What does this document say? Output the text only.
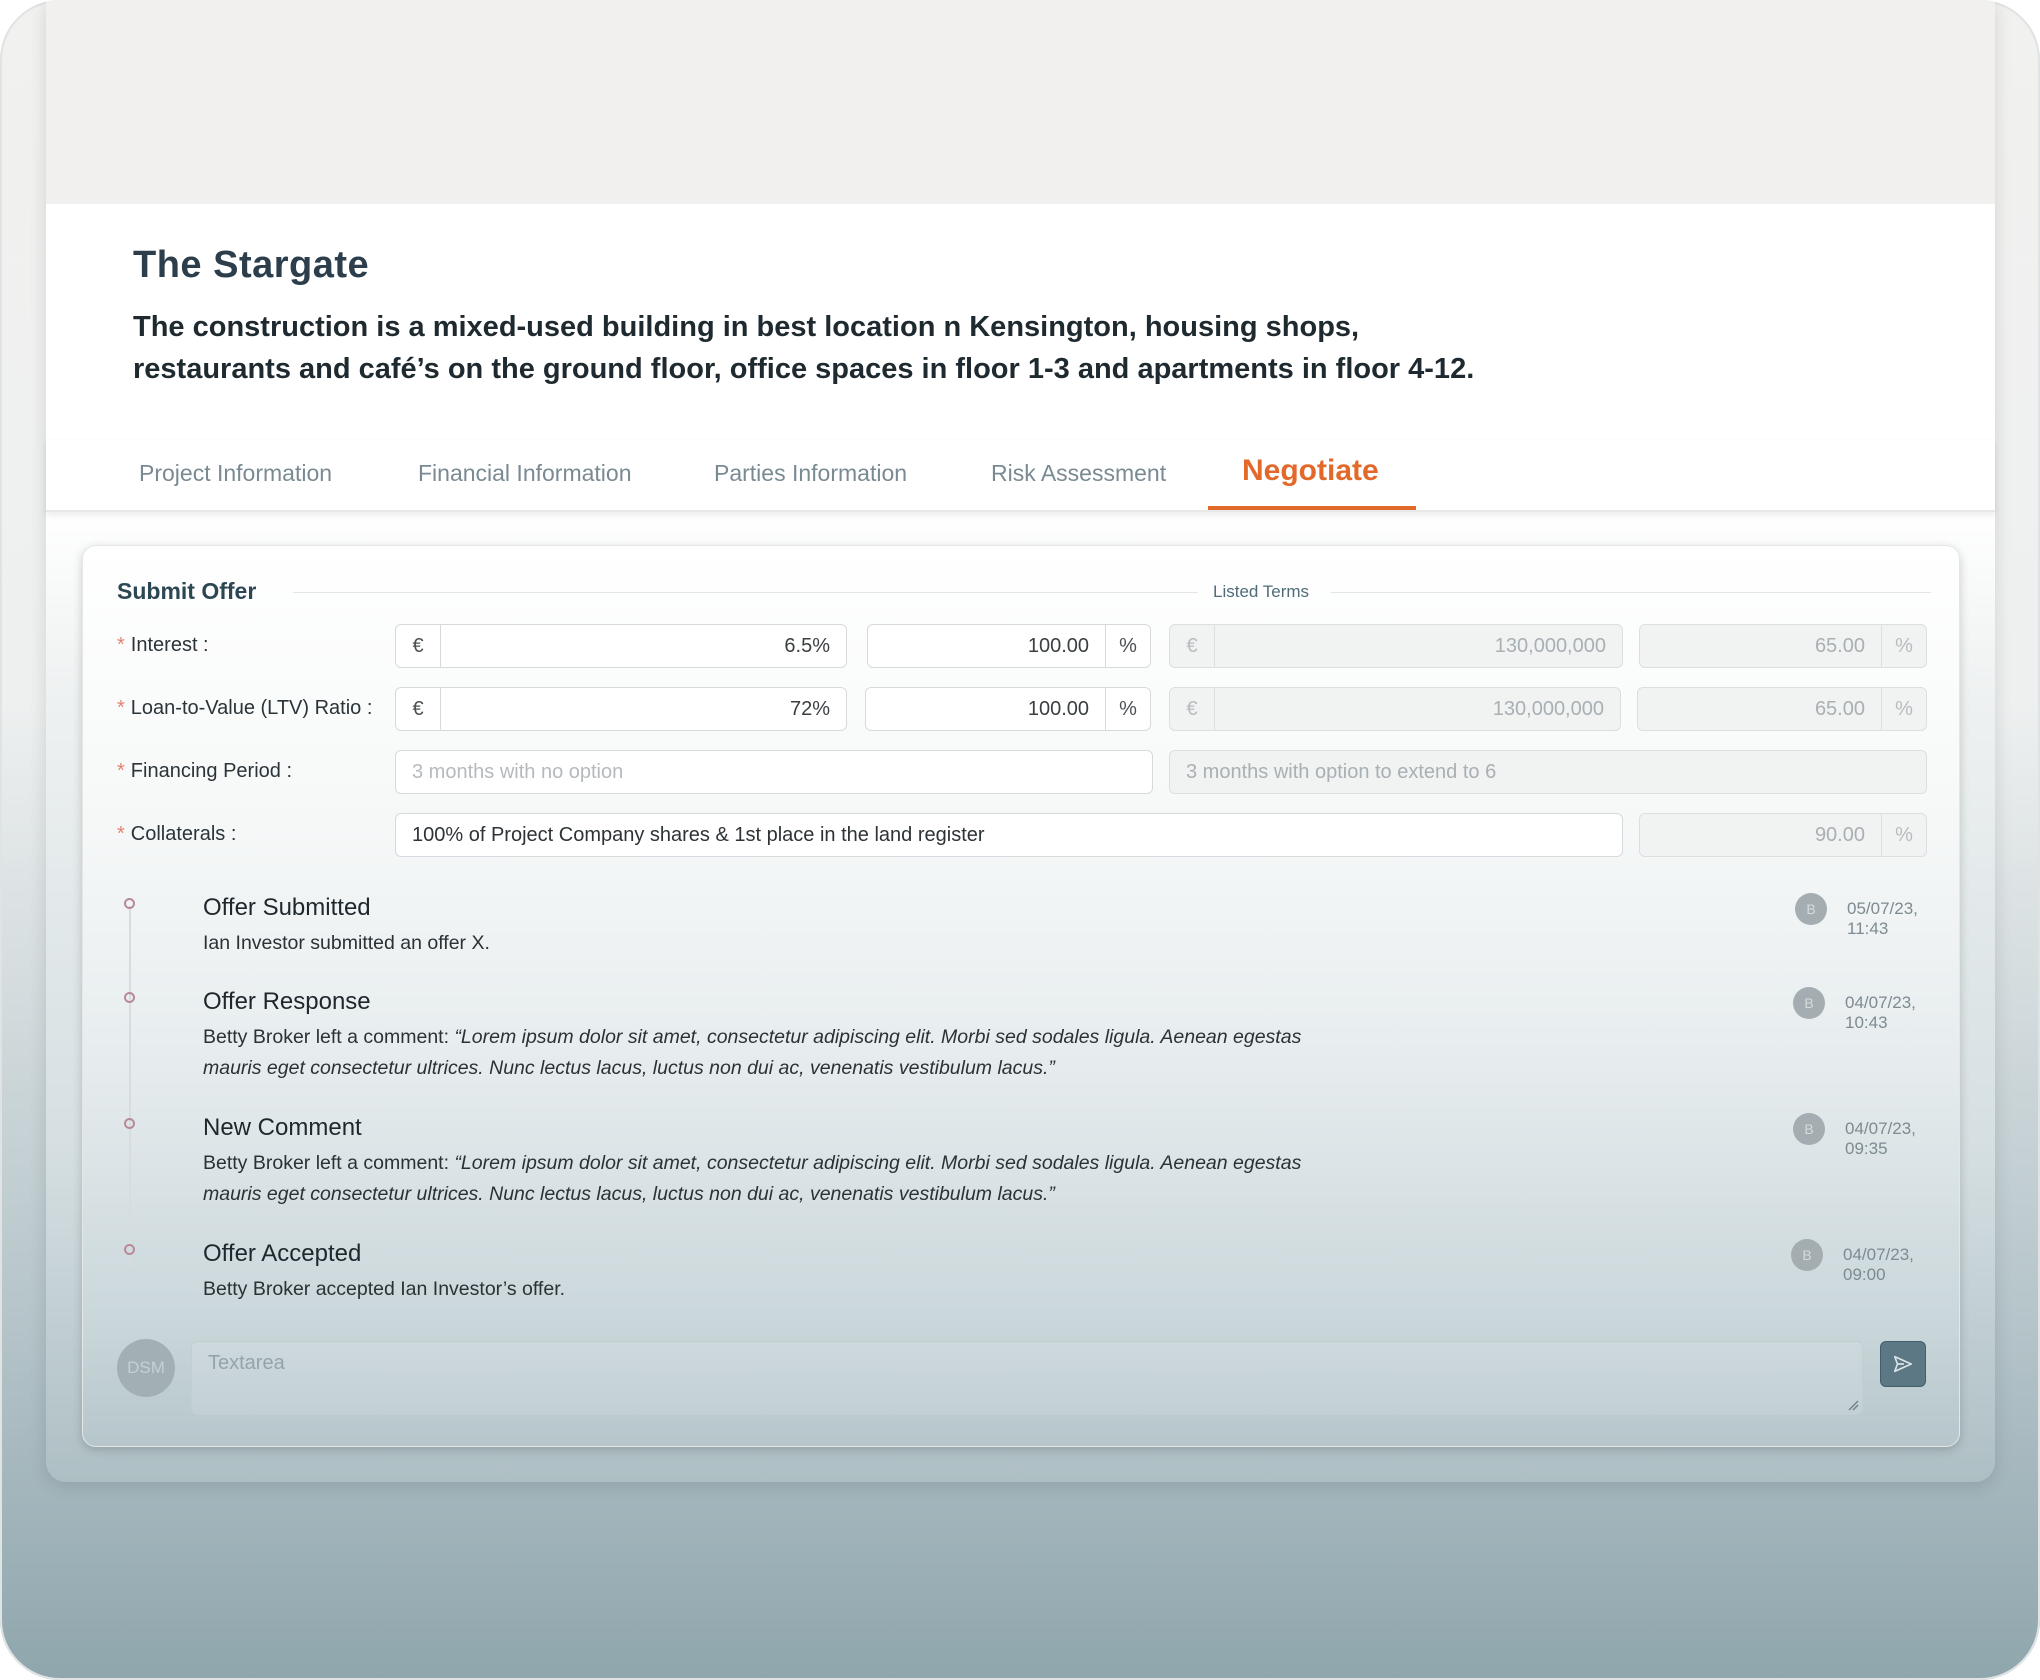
The Stargate
The construction is a mixed-used building in best location n Kensington, housing shops,
restaurants and café’s on the ground floor, office spaces in floor 1-3 and apartments in floor 4-12.
Project Information	Financial Information	Parties Information	Risk Assessment	Negotiate
Submit Offer	Listed Terms
* Interest :	€	6.5%	100.00	%	€	130,000,000	65.00	%
* Loan-to-Value (LTV) Ratio :	€	72%	100.00	%	€	130,000,000	65.00	%
* Financing Period :	3 months with no option	3 months with option to extend to 6
* Collaterals :	100% of Project Company shares & 1st place in the land register	90.00	%
Offer Submitted
Ian Investor submitted an offer X.
B	05/07/23, 11:43
Offer Response
Betty Broker left a comment: “Lorem ipsum dolor sit amet, consectetur adipiscing elit. Morbi sed sodales ligula. Aenean egestas mauris eget consectetur ultrices. Nunc lectus lacus, luctus non dui ac, venenatis vestibulum lacus.”
B	04/07/23, 10:43
New Comment
Betty Broker left a comment: “Lorem ipsum dolor sit amet, consectetur adipiscing elit. Morbi sed sodales ligula. Aenean egestas mauris eget consectetur ultrices. Nunc lectus lacus, luctus non dui ac, venenatis vestibulum lacus.”
B	04/07/23, 09:35
Offer Accepted
Betty Broker accepted Ian Investor’s offer.
B	04/07/23, 09:00
DSM
Textarea
